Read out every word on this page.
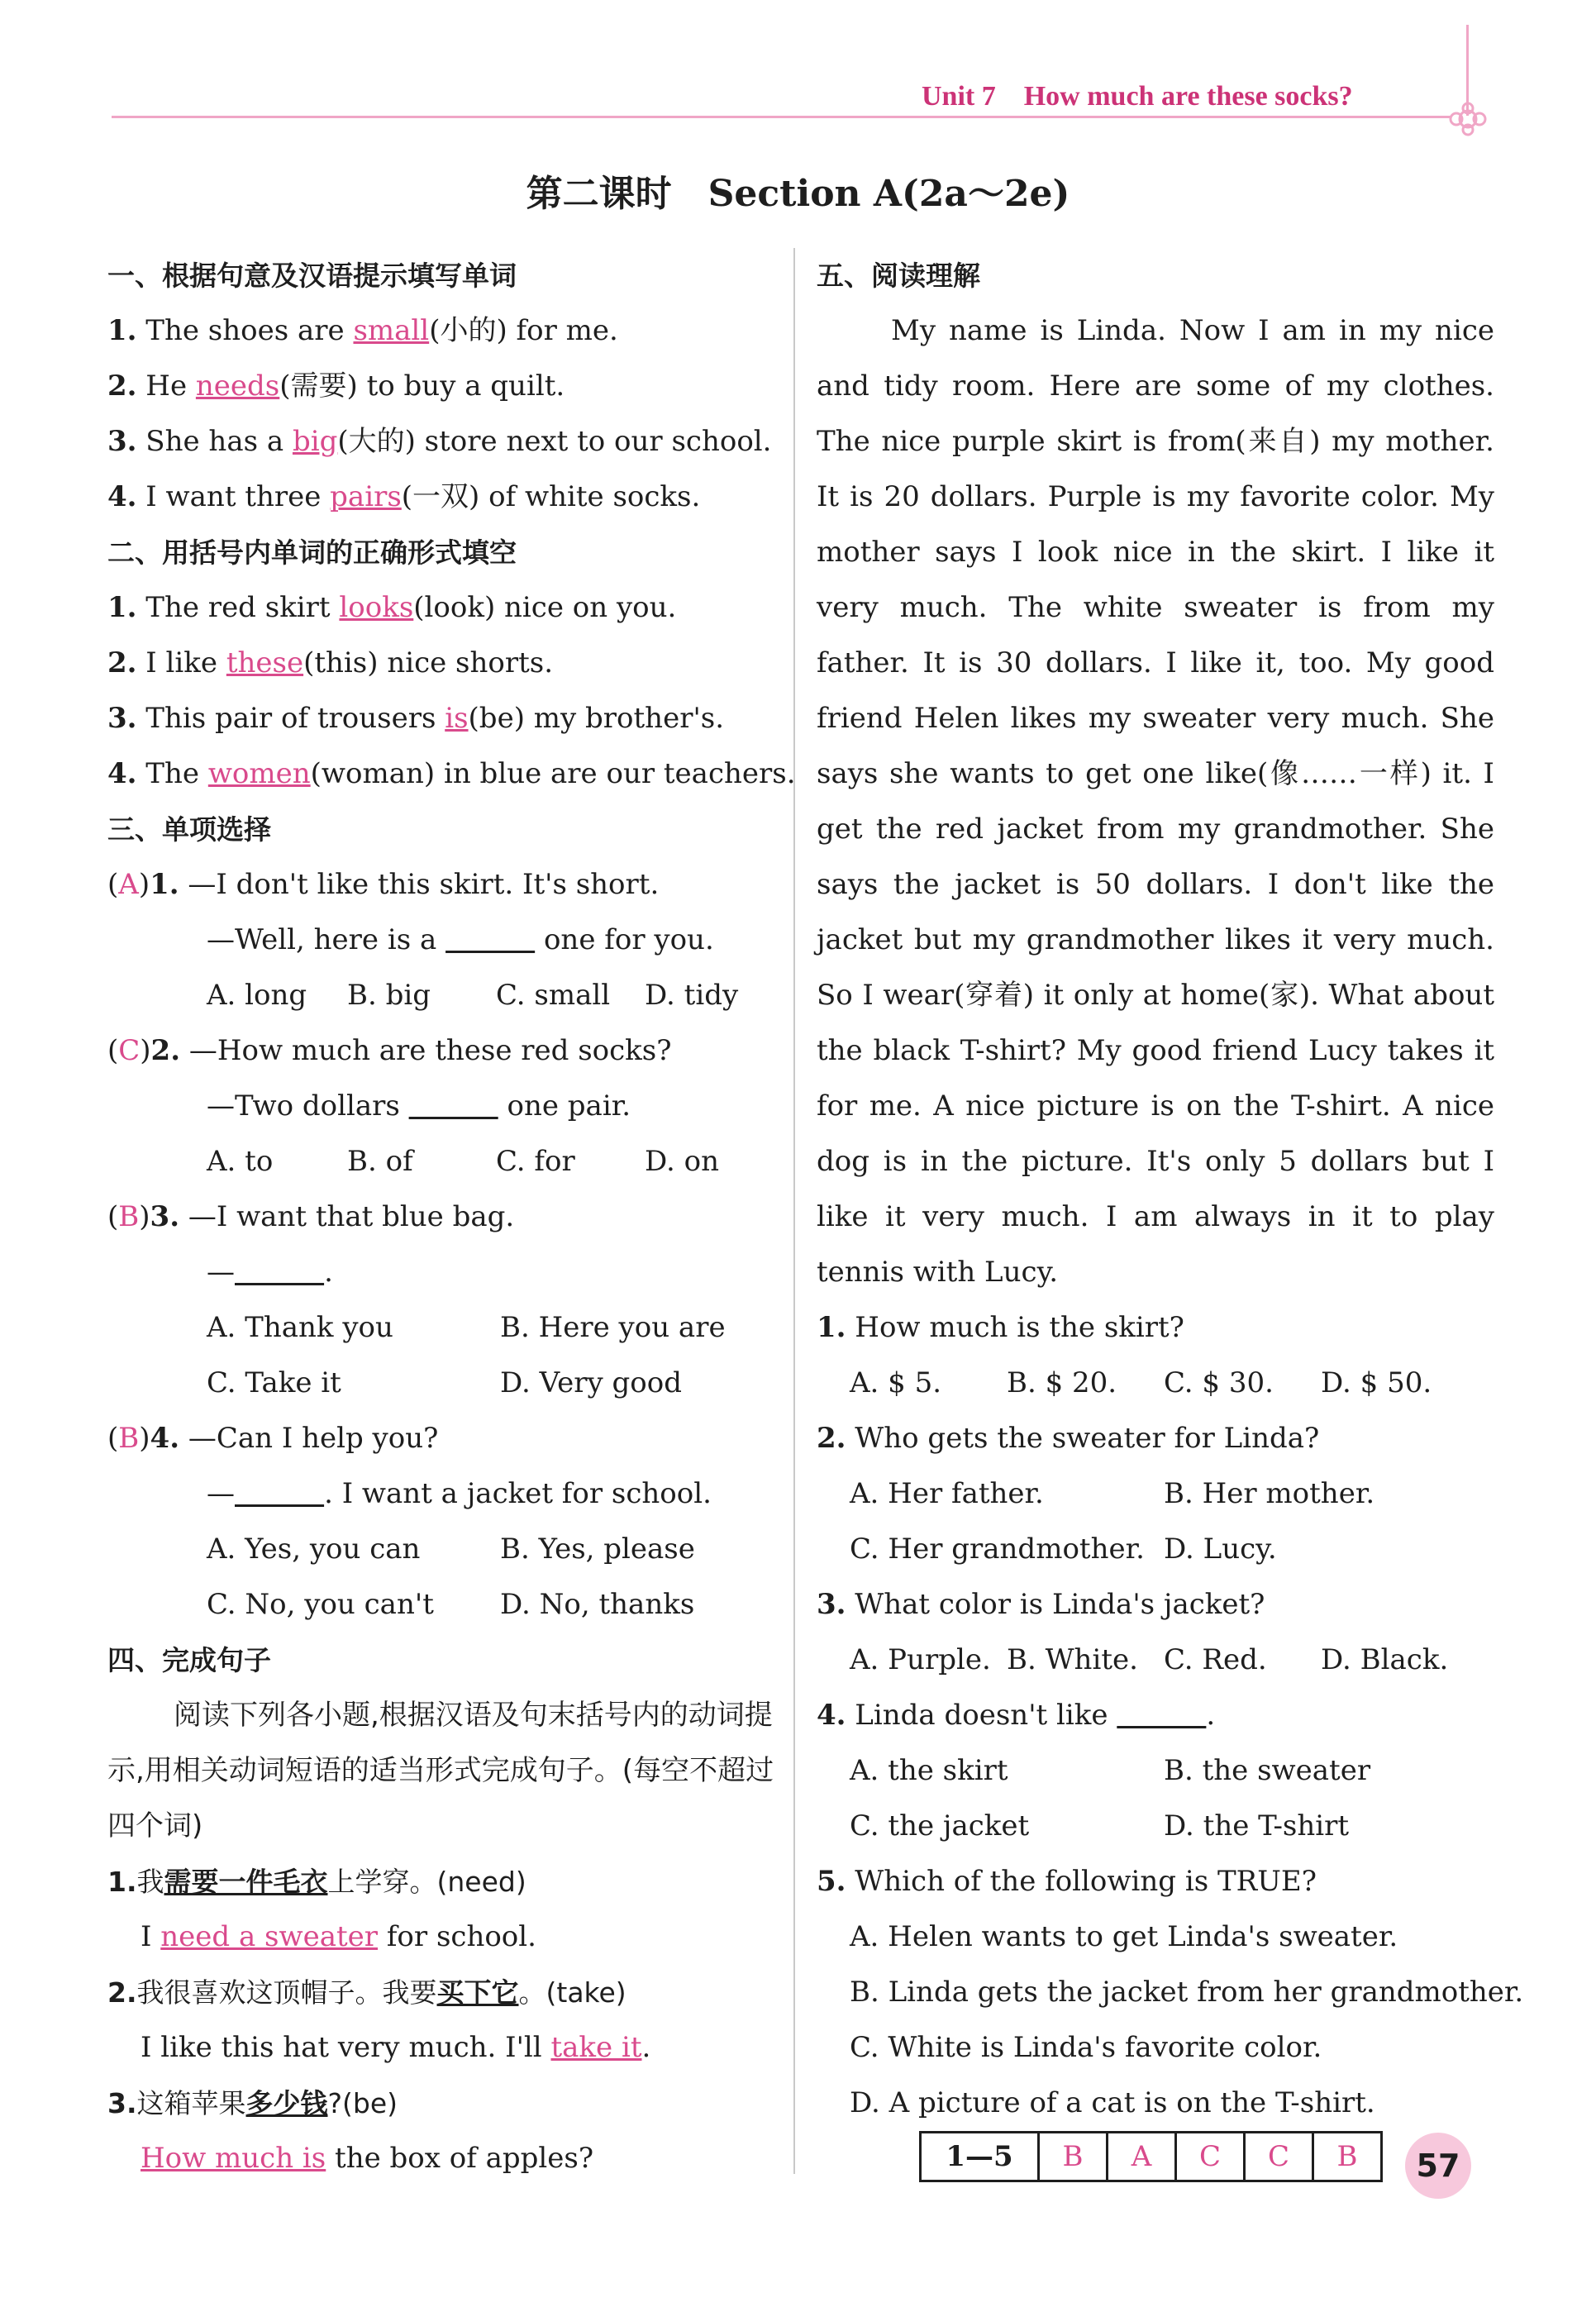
Unit 7　How much are these socks?
第二课时　Section A(2a～2e)
一、根据句意及汉语提示填写单词
1. The shoes are small(小的) for me.
2. He needs(需要) to buy a quilt.
3. She has a big(大的) store next to our school.
4. I want three pairs(一双) of white socks.
二、用括号内单词的正确形式填空
1. The red skirt looks(look) nice on you.
2. I like these(this) nice shorts.
3. This pair of trousers is(be) my brother's.
4. The women(woman) in blue are our teachers.
三、单项选择
(A)1. —I don't like this skirt. It's short.
—Well, here is a	one for you.
A. long B. big C. small D. tidy
(C)2. —How much are these red socks?
—Two dollars	one pair.
A. to	B. of	C. for D. on
(B)3. —I want that blue bag.
—	.
A. Thank you	B. Here you are
C. Take it	D. Very good
(B)4. —Can I help you?
—	. I want a jacket for school.
A. Yes, you can	B. Yes, please
C. No, you can't D. No, thanks
四、完成句子

阅读下列各小题,根据汉语及句末括号内的动词提示,用相关动词短语的适当形式完成句子。(每空不超过四个词)

1.我需要一件毛衣上学穿。(need)
I need a sweater for school.
2.我很喜欢这顶帽子。我要买下它。(take)
I like this hat very much. I'll take it.
3.这箱苹果多少钱?(be)
How much is the box of apples?
五、阅读理解

My name is Linda. Now I am in my nice and tidy room. Here are some of my clothes. The nice purple skirt is from(来自) my mother. It is 20 dollars. Purple is my favorite color. My mother says I look nice in the skirt. I like it very much. The white sweater is from my father. It is 30 dollars. I like it, too. My good friend Helen likes my sweater very much. She says she wants to get one like(像……一样) it. I get the red jacket from my grandmother. She says the jacket is 50 dollars. I don't like the jacket but my grandmother likes it very much. So I wear(穿着) it only at home(家). What about the black T-shirt? My good friend Lucy takes it for me. A nice picture is on the T-shirt. A nice dog is in the picture. It's only 5 dollars but I like it very much. I am always in it to play tennis with Lucy.

1. How much is the skirt?
A. $ 5. B. $ 20. C. $ 30. D. $ 50.
2. Who gets the sweater for Linda?
A. Her father.	B. Her mother.
C. Her grandmother. D. Lucy.
3. What color is Linda's jacket?
A. Purple. B. White. C. Red. D. Black.
4. Linda doesn't like	.
A. the skirt	B. the sweater
C. the jacket	D. the T-shirt
5. Which of the following is TRUE?
A. Helen wants to get Linda's sweater.
B. Linda gets the jacket from her grandmother.
C. White is Linda's favorite color.
D. A picture of a cat is on the T-shirt.
1—5	B	A	C	C	B	57
